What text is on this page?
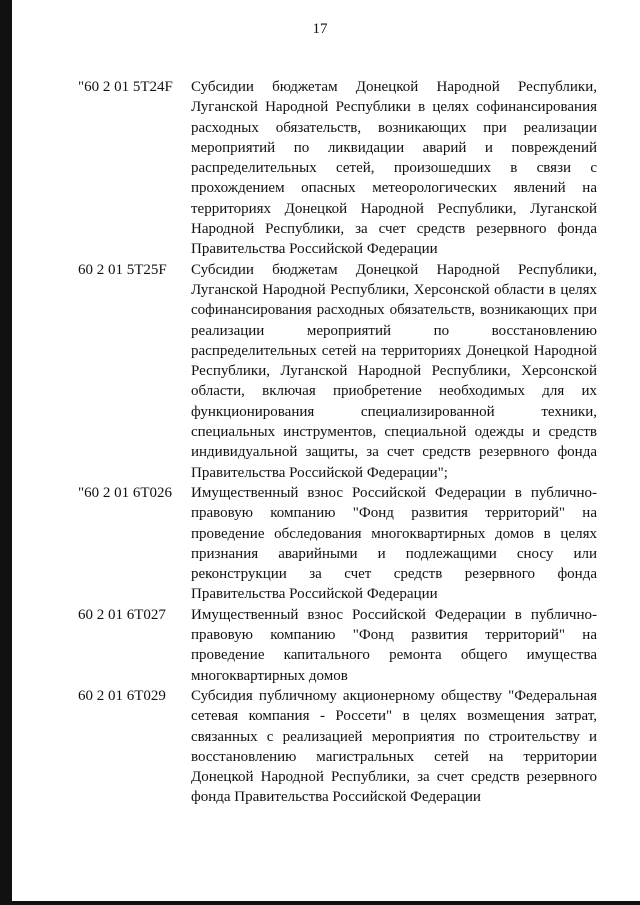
17
"60 2 01 5T24F Субсидии бюджетам Донецкой Народной Республики, Луганской Народной Республики в целях софинансирования расходных обязательств, возникающих при реализации мероприятий по ликвидации аварий и повреждений распределительных сетей, произошедших в связи с прохождением опасных метеорологических явлений на территориях Донецкой Народной Республики, Луганской Народной Республики, за счет средств резервного фонда Правительства Российской Федерации
60 2 01 5T25F Субсидии бюджетам Донецкой Народной Республики, Луганской Народной Республики, Херсонской области в целях софинансирования расходных обязательств, возникающих при реализации мероприятий по восстановлению распределительных сетей на территориях Донецкой Народной Республики, Луганской Народной Республики, Херсонской области, включая приобретение необходимых для их функционирования специализированной техники, специальных инструментов, специальной одежды и средств индивидуальной защиты, за счет средств резервного фонда Правительства Российской Федерации";
"60 2 01 6T026 Имущественный взнос Российской Федерации в публично-правовую компанию "Фонд развития территорий" на проведение обследования многоквартирных домов в целях признания аварийными и подлежащими сносу или реконструкции за счет средств резервного фонда Правительства Российской Федерации
60 2 01 6T027 Имущественный взнос Российской Федерации в публично-правовую компанию "Фонд развития территорий" на проведение капитального ремонта общего имущества многоквартирных домов
60 2 01 6T029 Субсидия публичному акционерному обществу "Федеральная сетевая компания - Россети" в целях возмещения затрат, связанных с реализацией мероприятия по строительству и восстановлению магистральных сетей на территории Донецкой Народной Республики, за счет средств резервного фонда Правительства Российской Федерации
